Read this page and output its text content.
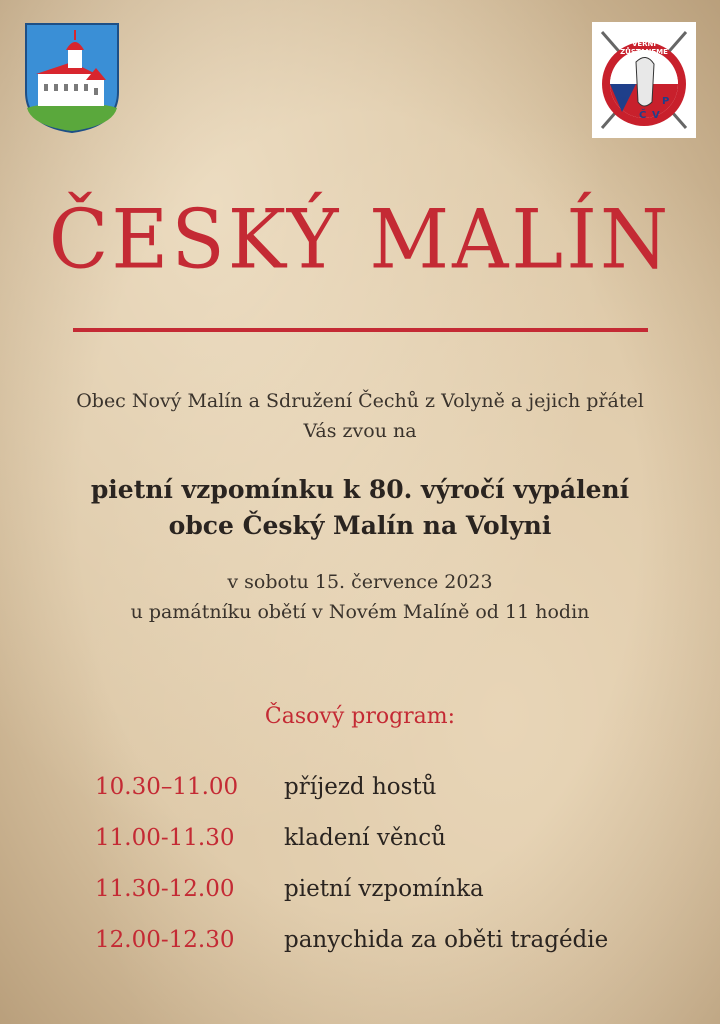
VĚRNI
ZŮSTANEME
S
Č V
P
ČESKÝ MALÍN
Obec Nový Malín a Sdružení Čechů z Volyně a jejich přátel
Vás zvou na
pietní vzpomínku k 80. výročí vypálení
obce Český Malín na Volyni
v sobotu 15. července 2023
u památníku obětí v Novém Malíně od 11 hodin
Časový program:
10.30–11.00 příjezd hostů
11.00-11.30 kladení věnců
11.30-12.00 pietní vzpomínka
12.00-12.30 panychida za oběti tragédie
